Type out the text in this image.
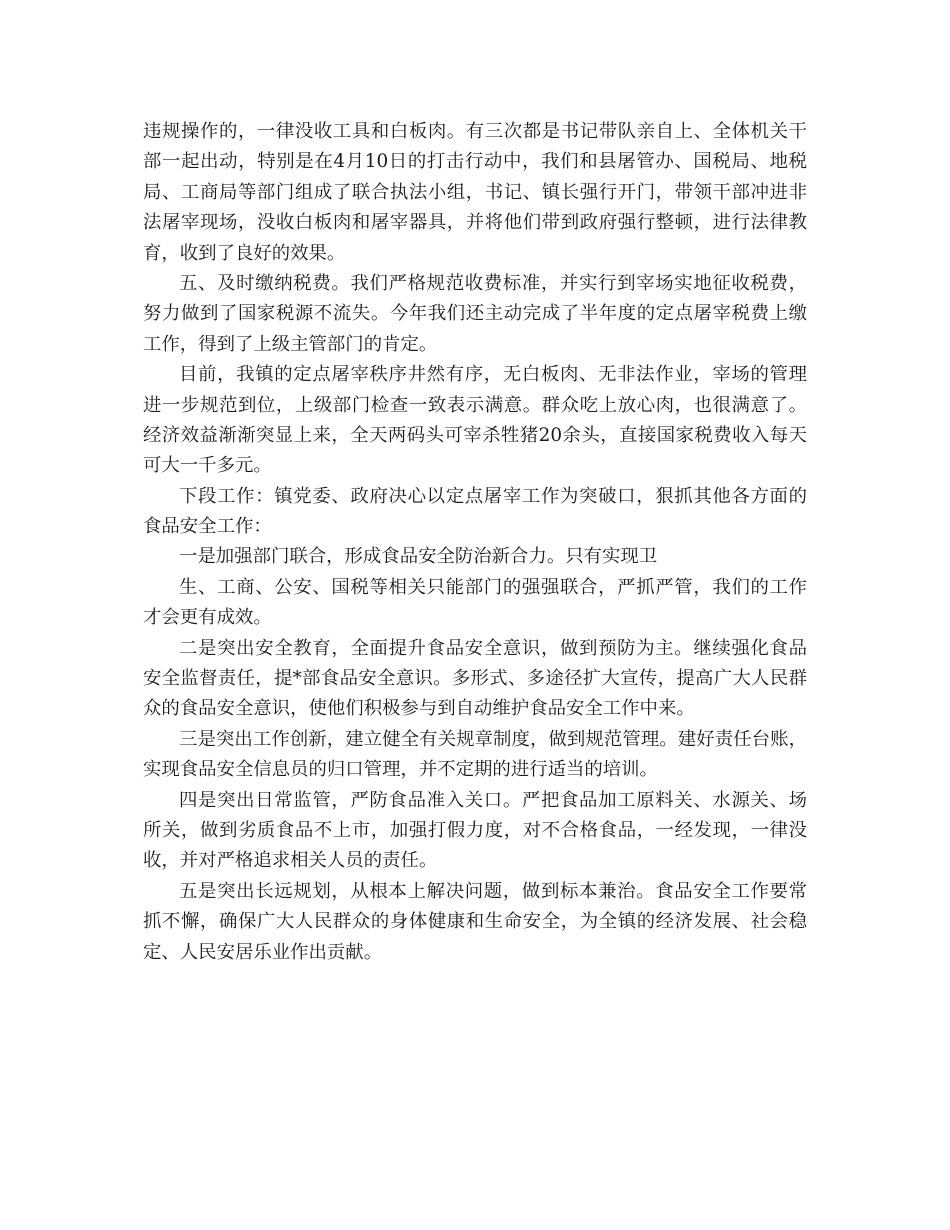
违规操作的，一律没收工具和白板肉。有三次都是书记带队亲自上、全体机关干
部一起出动，特别是在4月10日的打击行动中，我们和县屠管办、国税局、地税
局、工商局等部门组成了联合执法小组，书记、镇长强行开门，带领干部冲进非
法屠宰现场，没收白板肉和屠宰器具，并将他们带到政府强行整顿，进行法律教
育，收到了良好的效果。
五、及时缴纳税费。我们严格规范收费标准，并实行到宰场实地征收税费，
努力做到了国家税源不流失。今年我们还主动完成了半年度的定点屠宰税费上缴
工作，得到了上级主管部门的肯定。
目前，我镇的定点屠宰秩序井然有序，无白板肉、无非法作业，宰场的管理
进一步规范到位，上级部门检查一致表示满意。群众吃上放心肉，也很满意了。
经济效益渐渐突显上来，全天两码头可宰杀牲猪20余头，直接国家税费收入每天
可大一千多元。
下段工作：镇党委、政府决心以定点屠宰工作为突破口，狠抓其他各方面的
食品安全工作：
一是加强部门联合，形成食品安全防治新合力。只有实现卫
生、工商、公安、国税等相关只能部门的强强联合，严抓严管，我们的工作
才会更有成效。
二是突出安全教育，全面提升食品安全意识，做到预防为主。继续强化食品
安全监督责任，提*部食品安全意识。多形式、多途径扩大宣传，提高广大人民群
众的食品安全意识，使他们积极参与到自动维护食品安全工作中来。
三是突出工作创新，建立健全有关规章制度，做到规范管理。建好责任台账，
实现食品安全信息员的归口管理，并不定期的进行适当的培训。
四是突出日常监管，严防食品准入关口。严把食品加工原料关、水源关、场
所关，做到劣质食品不上市，加强打假力度，对不合格食品，一经发现，一律没
收，并对严格追求相关人员的责任。
五是突出长远规划，从根本上解决问题，做到标本兼治。食品安全工作要常
抓不懈，确保广大人民群众的身体健康和生命安全，为全镇的经济发展、社会稳
定、人民安居乐业作出贡献。
